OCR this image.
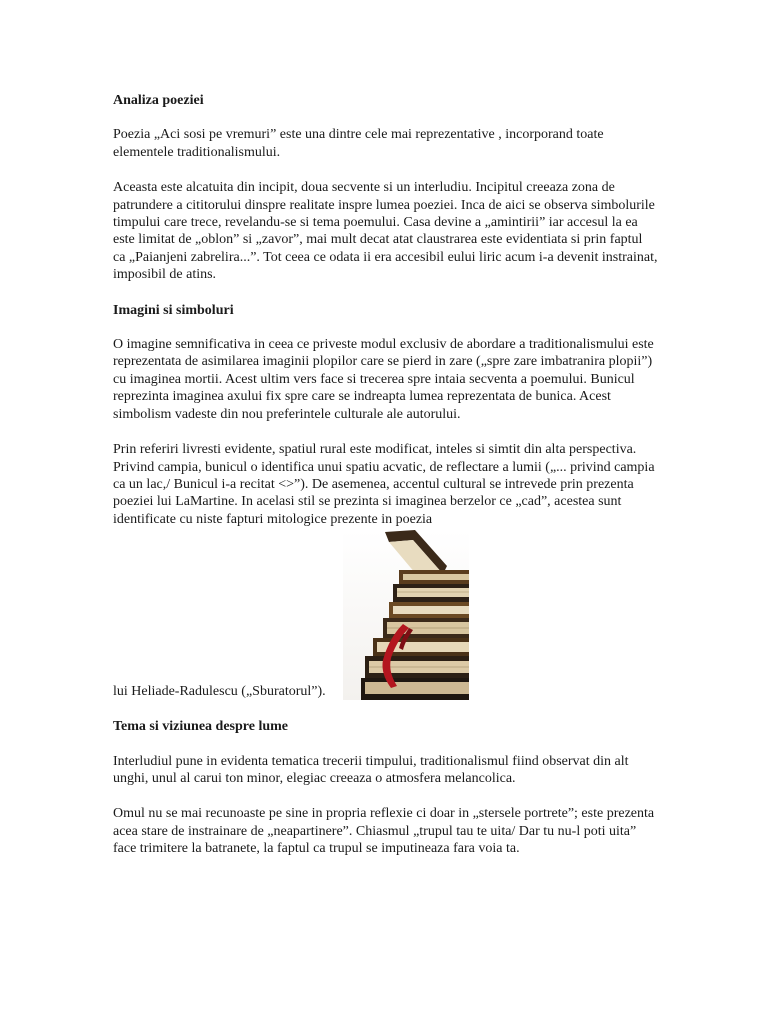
Analiza poeziei

Poezia „Aci sosi pe vremuri” este una dintre cele mai reprezentative , incorporand toate elementele traditionalismului.

Aceasta este alcatuita din incipit, doua secvente si un interludiu. Incipitul creeaza zona de patrundere a cititorului dinspre realitate inspre lumea poeziei. Inca de aici se observa simbolurile timpului care trece, revelandu-se si tema poemului. Casa devine a „amintirii” iar accesul la ea este limitat de „oblon” si „zavor”, mai mult decat atat claustrarea este evidentiata si prin faptul ca „Paianjeni zabrelira...”. Tot ceea ce odata ii era accesibil eului liric acum i-a devenit instrainat, imposibil de atins.

Imagini si simboluri

O imagine semnificativa in ceea ce priveste modul exclusiv de abordare a traditionalismului este reprezentata de asimilarea imaginii plopilor care se pierd in zare („spre zare imbatranira plopii”) cu imaginea mortii. Acest ultim vers face si trecerea spre intaia secventa a poemului. Bunicul reprezinta imaginea axului fix spre care se indreapta lumea reprezentata de bunica. Acest simbolism vadeste din nou preferintele culturale ale autorului.

Prin referiri livresti evidente, spatiul rural este modificat, inteles si simtit din alta perspectiva. Privind campia, bunicul o identifica unui spatiu acvatic, de reflectare a lumii („... privind campia ca un lac,/ Bunicul i-a recitat <>”). De asemenea, accentul cultural se intrevede prin prezenta poeziei lui LaMartine. In acelasi stil se prezinta si imaginea berzelor ce „cad”, acestea sunt identificate cu niste fapturi mitologice prezente in poezia

lui Heliade-Radulescu („Sburatorul”).
Tema si viziunea despre lume

Interludiul pune in evidenta tematica trecerii timpului, traditionalismul fiind observat din alt unghi, unul al carui ton minor, elegiac creeaza o atmosfera melancolica.

Omul nu se mai recunoaste pe sine in propria reflexie ci doar in „stersele portrete”; este prezenta acea stare de instrainare de „neapartinere”. Chiasmul „trupul tau te uita/ Dar tu nu-l poti uita” face trimitere la batranete, la faptul ca trupul se imputineaza fara voia ta.
